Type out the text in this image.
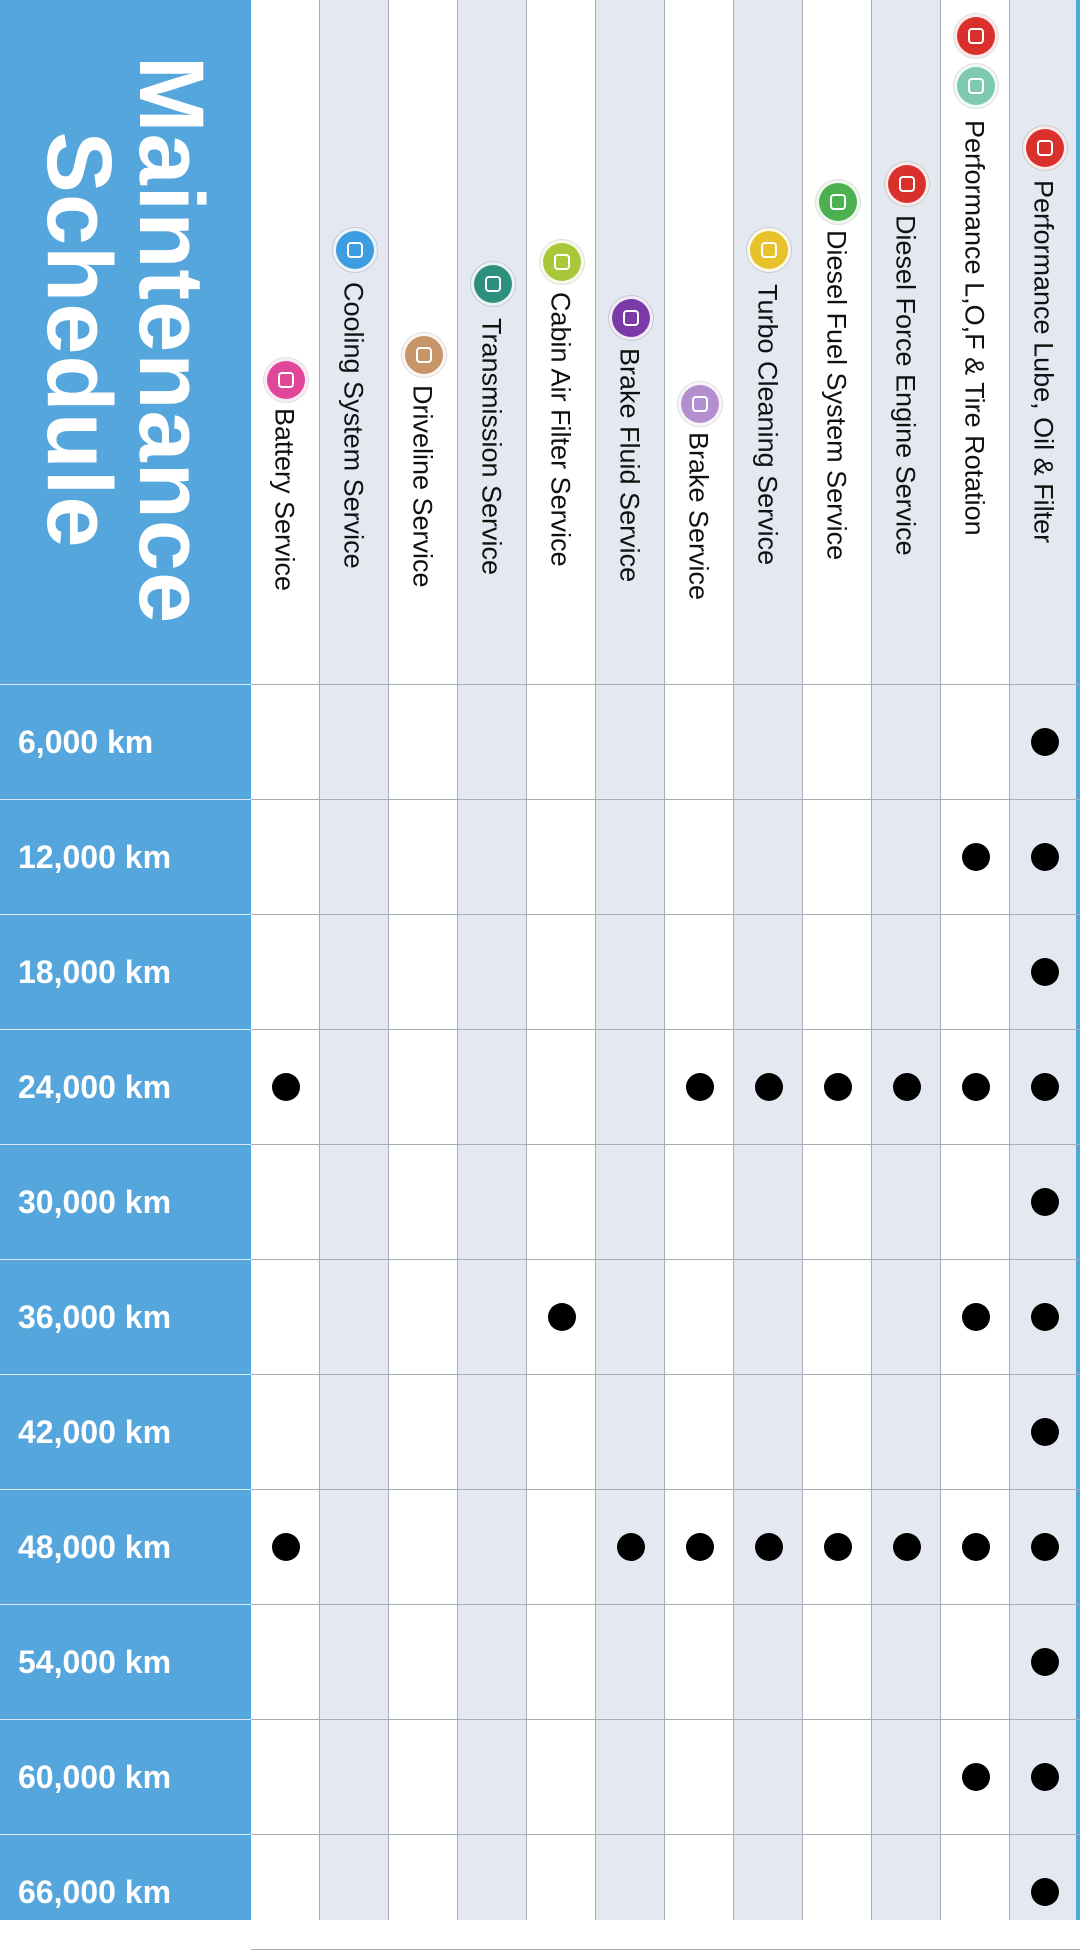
Maintenance
Schedule
6,000 km
12,000 km
18,000 km
24,000 km
30,000 km
36,000 km
42,000 km
48,000 km
54,000 km
60,000 km
66,000 km
Battery Service Cooling System Service Driveline Service Transmission Service Cabin Air Filter Service Brake Fluid Service Brake Service Turbo Cleaning Service Diesel Fuel System Service Diesel Force Engine Service Performance L,O,F & Tire Rotation Performance Lube, Oil & Filter
